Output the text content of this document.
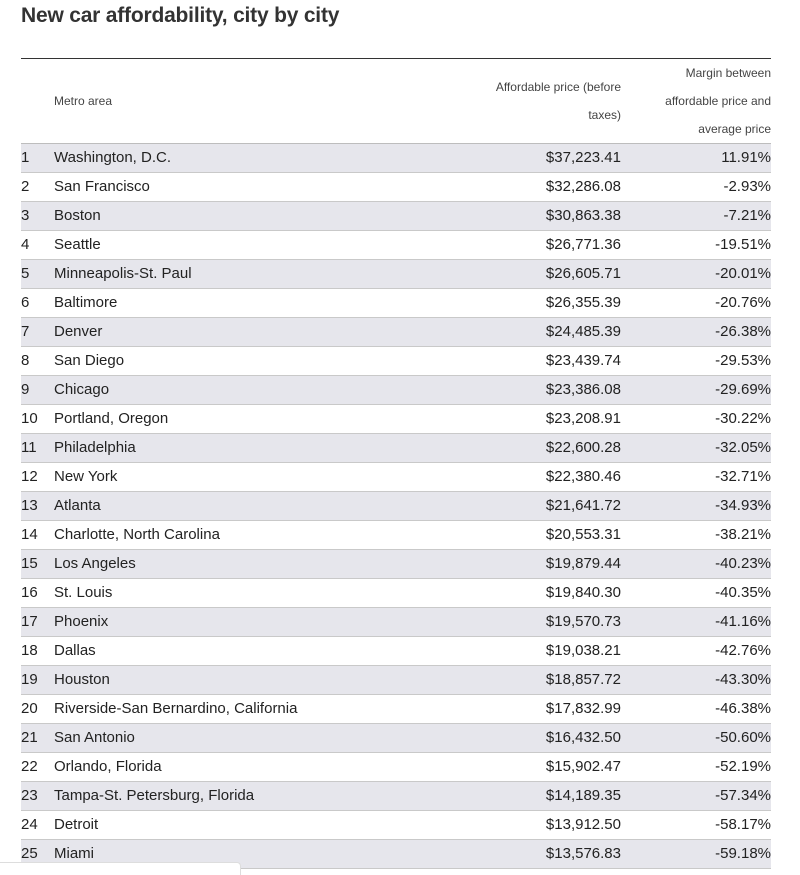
New car affordability, city by city
	Metro area	Affordable price (before taxes)	Margin between affordable price and average price
1	Washington, D.C.	$37,223.41	11.91%
2	San Francisco	$32,286.08	-2.93%
3	Boston	$30,863.38	-7.21%
4	Seattle	$26,771.36	-19.51%
5	Minneapolis-St. Paul	$26,605.71	-20.01%
6	Baltimore	$26,355.39	-20.76%
7	Denver	$24,485.39	-26.38%
8	San Diego	$23,439.74	-29.53%
9	Chicago	$23,386.08	-29.69%
10	Portland, Oregon	$23,208.91	-30.22%
11	Philadelphia	$22,600.28	-32.05%
12	New York	$22,380.46	-32.71%
13	Atlanta	$21,641.72	-34.93%
14	Charlotte, North Carolina	$20,553.31	-38.21%
15	Los Angeles	$19,879.44	-40.23%
16	St. Louis	$19,840.30	-40.35%
17	Phoenix	$19,570.73	-41.16%
18	Dallas	$19,038.21	-42.76%
19	Houston	$18,857.72	-43.30%
20	Riverside-San Bernardino, California	$17,832.99	-46.38%
21	San Antonio	$16,432.50	-50.60%
22	Orlando, Florida	$15,902.47	-52.19%
23	Tampa-St. Petersburg, Florida	$14,189.35	-57.34%
24	Detroit	$13,912.50	-58.17%
25	Miami	$13,576.83	-59.18%
